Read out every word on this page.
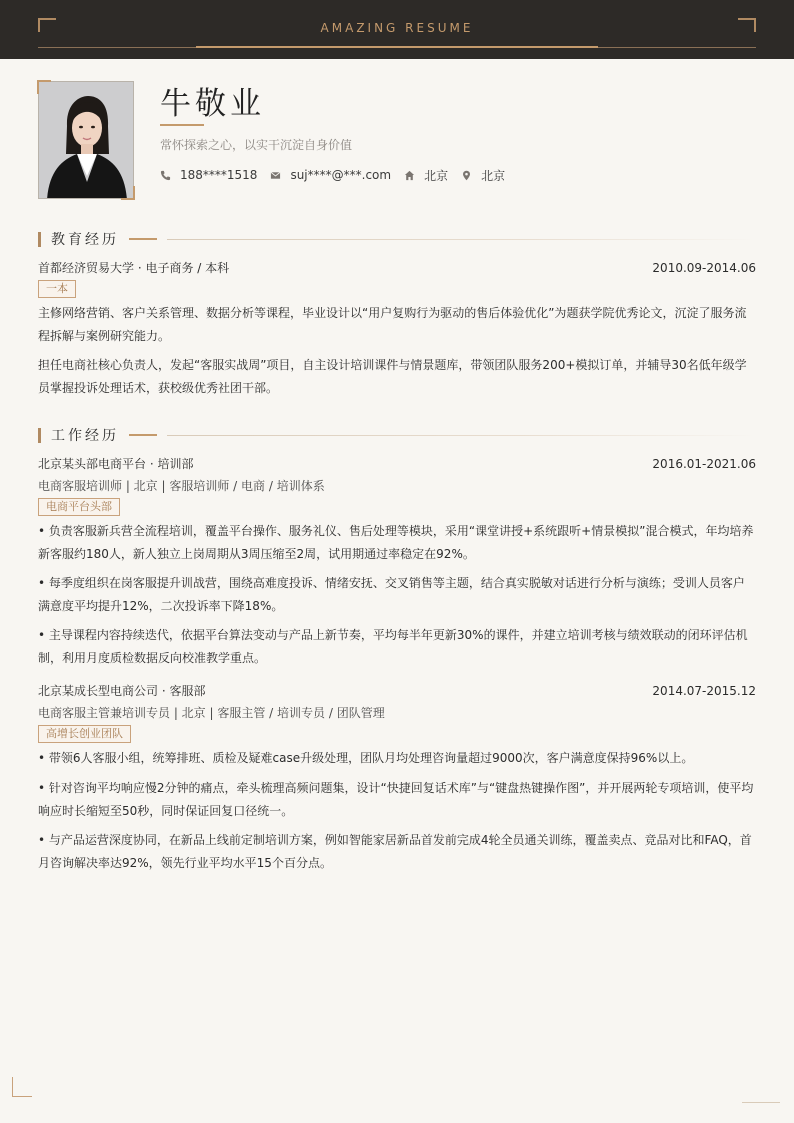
AMAZING RESUME
牛敬业
常怀探索之心，以实干沉淀自身价值
188****1518	suj****@***.com	北京	北京
教育经历
首都经济贸易大学 · 电子商务 / 本科	2010.09-2014.06
一本
主修网络营销、客户关系管理、数据分析等课程，毕业设计以“用户复购行为驱动的售后体验优化”为题获学院优秀论文，沉淀了服务流程拆解与案例研究能力。
担任电商社核心负责人，发起“客服实战周”项目，自主设计培训课件与情景题库，带领团队服务200+模拟订单，并辅导30名低年级学员掌握投诉处理话术，获校级优秀社团干部。
工作经历
北京某头部电商平台 · 培训部	2016.01-2021.06
电商客服培训师 | 北京 | 客服培训师 / 电商 / 培训体系
电商平台头部
• 负责客服新兵营全流程培训，覆盖平台操作、服务礼仪、售后处理等模块，采用“课堂讲授+系统跟听+情景模拟”混合模式，年均培养新客服约180人，新人独立上岗周期从3周压缩至2周，试用期通过率稳定在92%。
• 每季度组织在岗客服提升训战营，围绕高难度投诉、情绪安抚、交叉销售等主题，结合真实脱敏对话进行分析与演练；受训人员客户满意度平均提升12%，二次投诉率下降18%。
• 主导课程内容持续迭代，依据平台算法变动与产品上新节奏，平均每半年更新30%的课件，并建立培训考核与绩效联动的闭环评估机制，利用月度质检数据反向校准教学重点。
北京某成长型电商公司 · 客服部	2014.07-2015.12
电商客服主管兼培训专员 | 北京 | 客服主管 / 培训专员 / 团队管理
高增长创业团队
• 带领6人客服小组，统筹排班、质检及疑难case升级处理，团队月均处理咨询量超过9000次，客户满意度保持96%以上。
• 针对咨询平均响应慢2分钟的痛点，牵头梳理高频问题集，设计“快捷回复话术库”与“键盘热键操作图”，并开展两轮专项培训，使平均响应时长缩短至50秒，同时保证回复口径统一。
• 与产品运营深度协同，在新品上线前定制培训方案，例如智能家居新品首发前完成4轮全员通关训练，覆盖卖点、竞品对比和FAQ，首月咨询解决率达92%，领先行业平均水平15个百分点。
